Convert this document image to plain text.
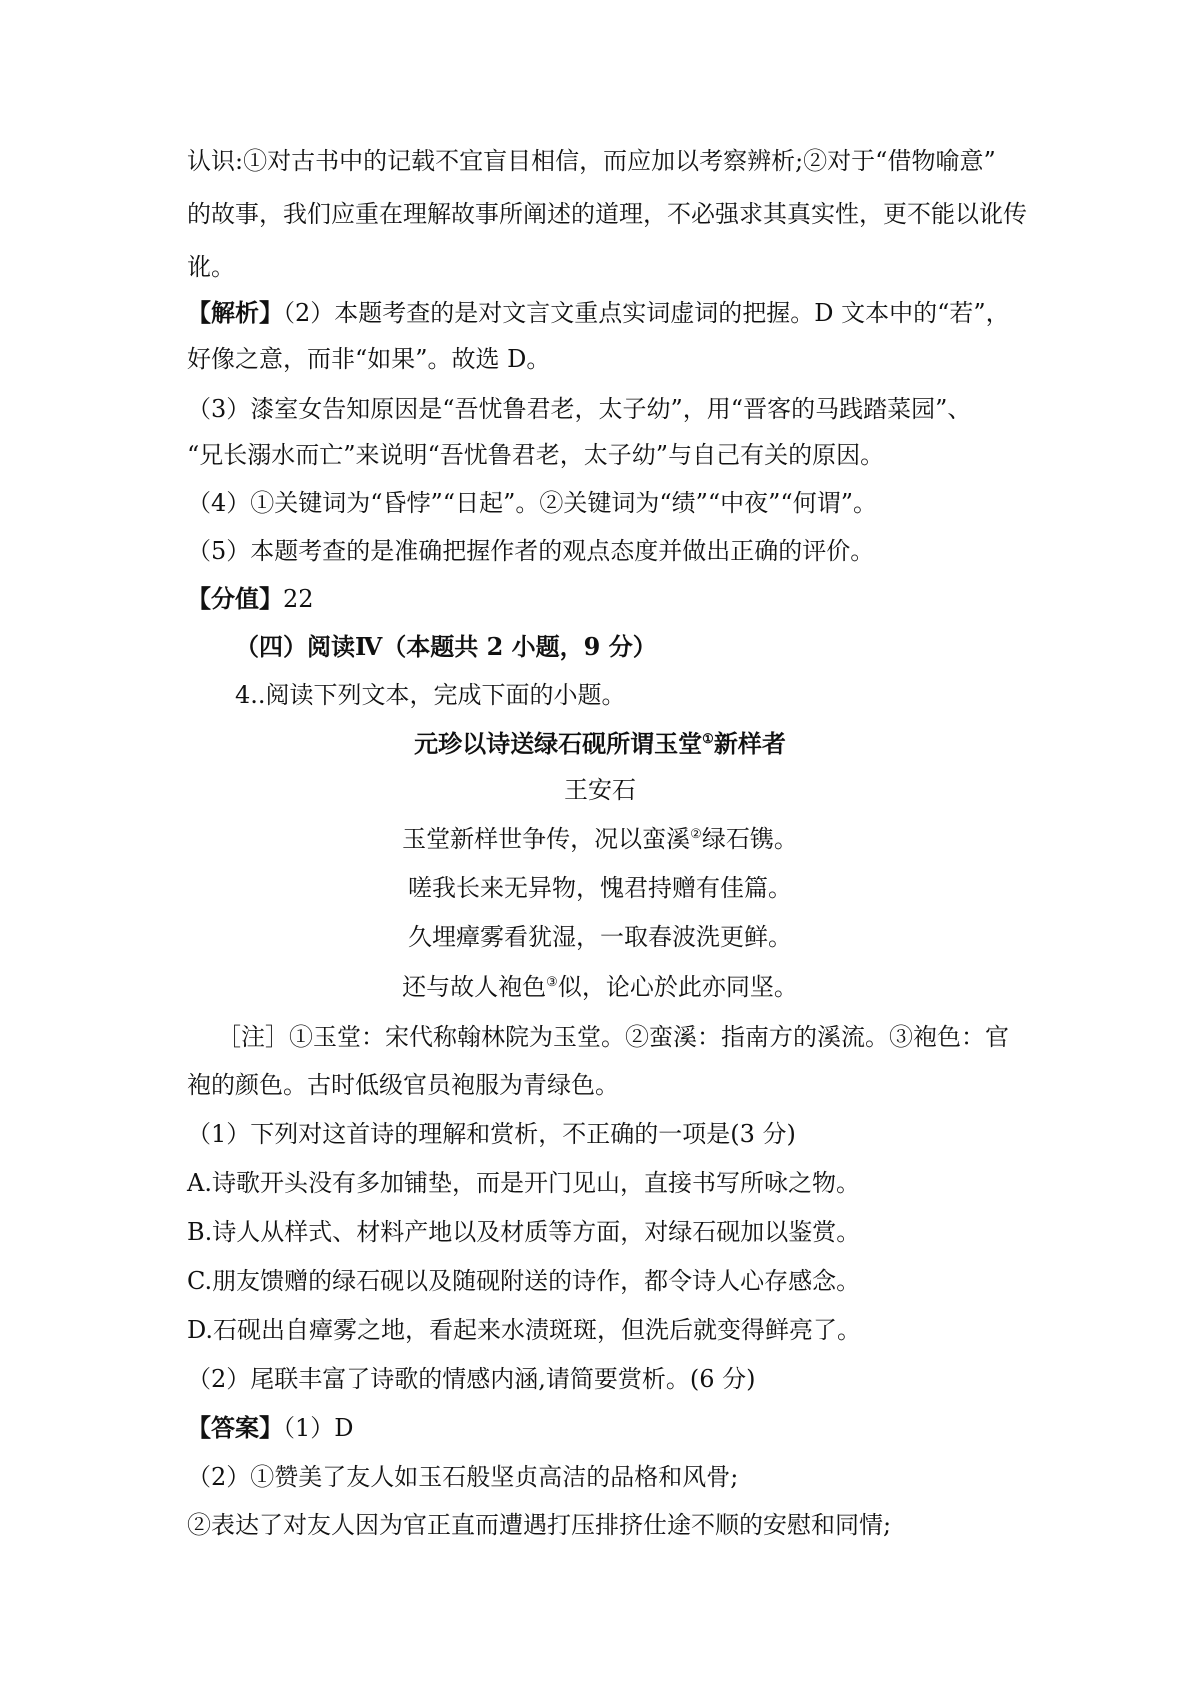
认识:①对古书中的记载不宜盲目相信，而应加以考察辨析;②对于“借物喻意”
的故事，我们应重在理解故事所阐述的道理，不必强求其真实性，更不能以讹传
讹。
【解析】（2）本题考查的是对文言文重点实词虚词的把握。D 文本中的“若”，
好像之意，而非“如果”。故选 D。
（3）漆室女告知原因是“吾忧鲁君老，太子幼”，用“晋客的马践踏菜园”、
“兄长溺水而亡”来说明“吾忧鲁君老，太子幼”与自己有关的原因。
（4）①关键词为“昏悖”“日起”。②关键词为“绩”“中夜”“何谓”。
（5）本题考查的是准确把握作者的观点态度并做出正确的评价。
【分值】22
（四）阅读Ⅳ（本题共 2 小题，9 分）
4..阅读下列文本，完成下面的小题。
元珍以诗送绿石砚所谓玉堂①新样者
王安石
玉堂新样世争传，况以蛮溪②绿石镌。
嗟我长来无异物，愧君持赠有佳篇。
久埋瘴雾看犹湿，一取春波洗更鲜。
还与故人袍色③似，论心於此亦同坚。
［注］①玉堂：宋代称翰林院为玉堂。②蛮溪：指南方的溪流。③袍色：官
袍的颜色。古时低级官员袍服为青绿色。
（1）下列对这首诗的理解和赏析，不正确的一项是(3 分)
A.诗歌开头没有多加铺垫，而是开门见山，直接书写所咏之物。
B.诗人从样式、材料产地以及材质等方面，对绿石砚加以鉴赏。
C.朋友馈赠的绿石砚以及随砚附送的诗作，都令诗人心存感念。
D.石砚出自瘴雾之地，看起来水渍斑斑，但洗后就变得鲜亮了。
（2）尾联丰富了诗歌的情感内涵,请简要赏析。(6 分)
【答案】（1）D
（2）①赞美了友人如玉石般坚贞高洁的品格和风骨;
②表达了对友人因为官正直而遭遇打压排挤仕途不顺的安慰和同情;
